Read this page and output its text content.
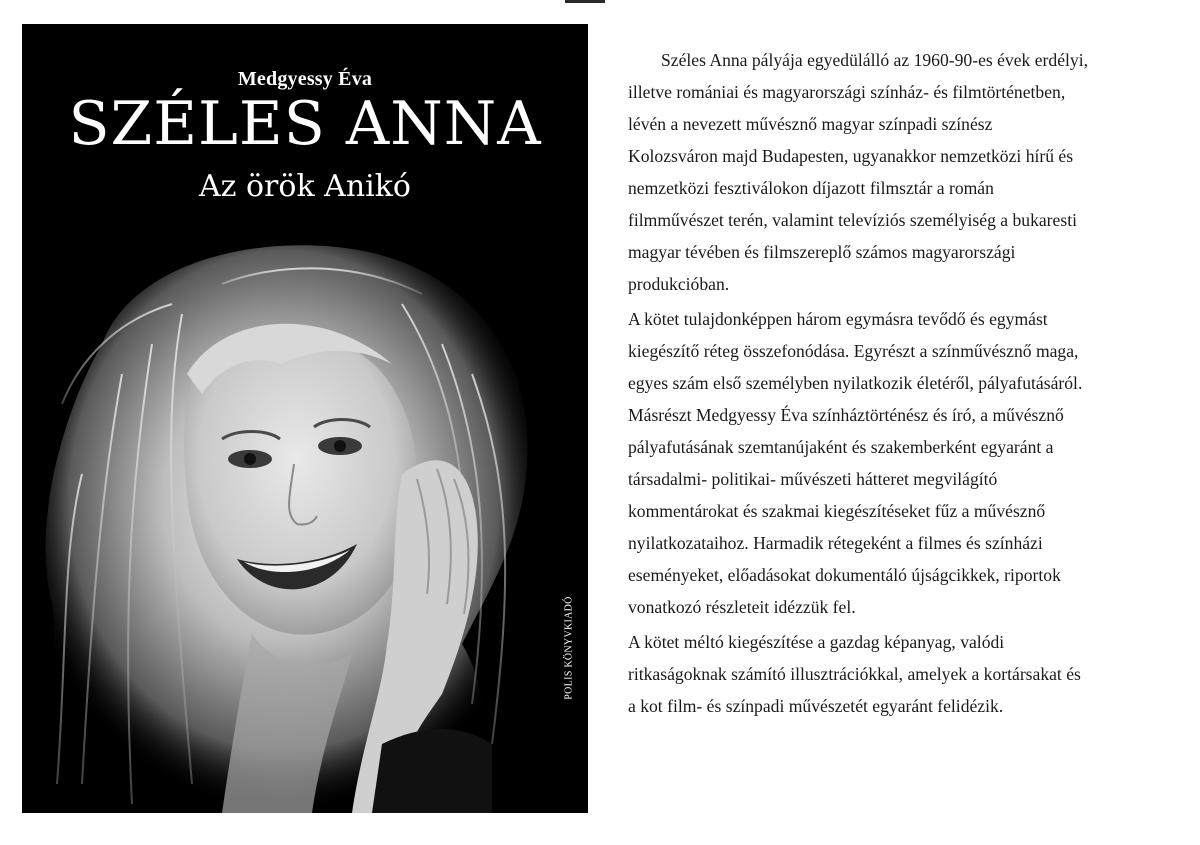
Medgyessy Éva
SZÉLES ANNA
Az örök Anikó
POLIS KÖNYVKIADÓ
Széles Anna pályája egyedülálló az 1960-90-es évek erdélyi,
illetve romániai és magyarországi színház- és filmtörténetben,
lévén a nevezett művésznő magyar színpadi színész
Kolozsváron majd Budapesten, ugyanakkor nemzetközi hírű és
nemzetközi fesztiválokon díjazott filmsztár a román
filmművészet terén, valamint televíziós személyiség a bukaresti
magyar tévében és filmszereplő számos magyarországi
produkcióban.
A kötet tulajdonképpen három egymásra tevődő és egymást
kiegészítő réteg összefonódása. Egyrészt a színművésznő maga,
egyes szám első személyben nyilatkozik életéről, pályafutásáról.
Másrészt Medgyessy Éva színháztörténész és író, a művésznő
pályafutásának szemtanújaként és szakemberként egyaránt a
társadalmi- politikai- művészeti hátteret megvilágító
kommentárokat és szakmai kiegészítéseket fűz a művésznő
nyilatkozataihoz. Harmadik rétegeként a filmes és színházi
eseményeket, előadásokat dokumentáló újságcikkek, riportok
vonatkozó részleteit idézzük fel.
A kötet méltó kiegészítése a gazdag képanyag, valódi
ritkaságoknak számító illusztrációkkal, amelyek a kortársakat és
a kot film- és színpadi művészetét egyaránt felidézik.
